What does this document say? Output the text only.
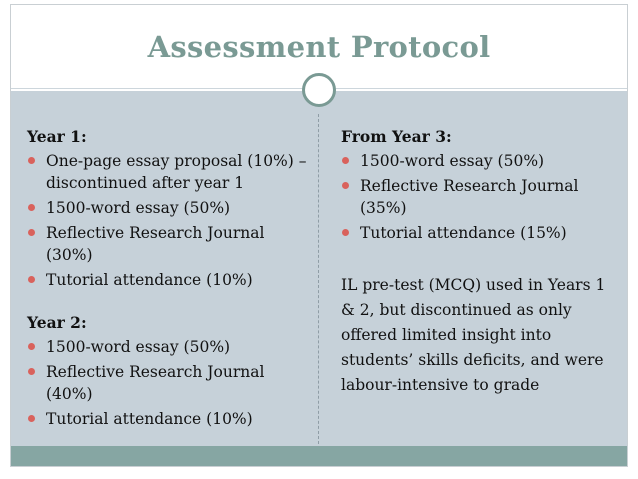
Assessment Protocol
Year 1:
One-page essay proposal (10%) – discontinued after year 1
1500-word essay (50%)
Reflective Research Journal (30%)
Tutorial attendance (10%)
Year 2:
1500-word essay (50%)
Reflective Research Journal (40%)
Tutorial attendance (10%)
From Year 3:
1500-word essay (50%)
Reflective Research Journal (35%)
Tutorial attendance (15%)
IL pre-test (MCQ) used in Years 1 & 2, but discontinued as only offered limited insight into students’ skills deficits, and were labour-intensive to grade
